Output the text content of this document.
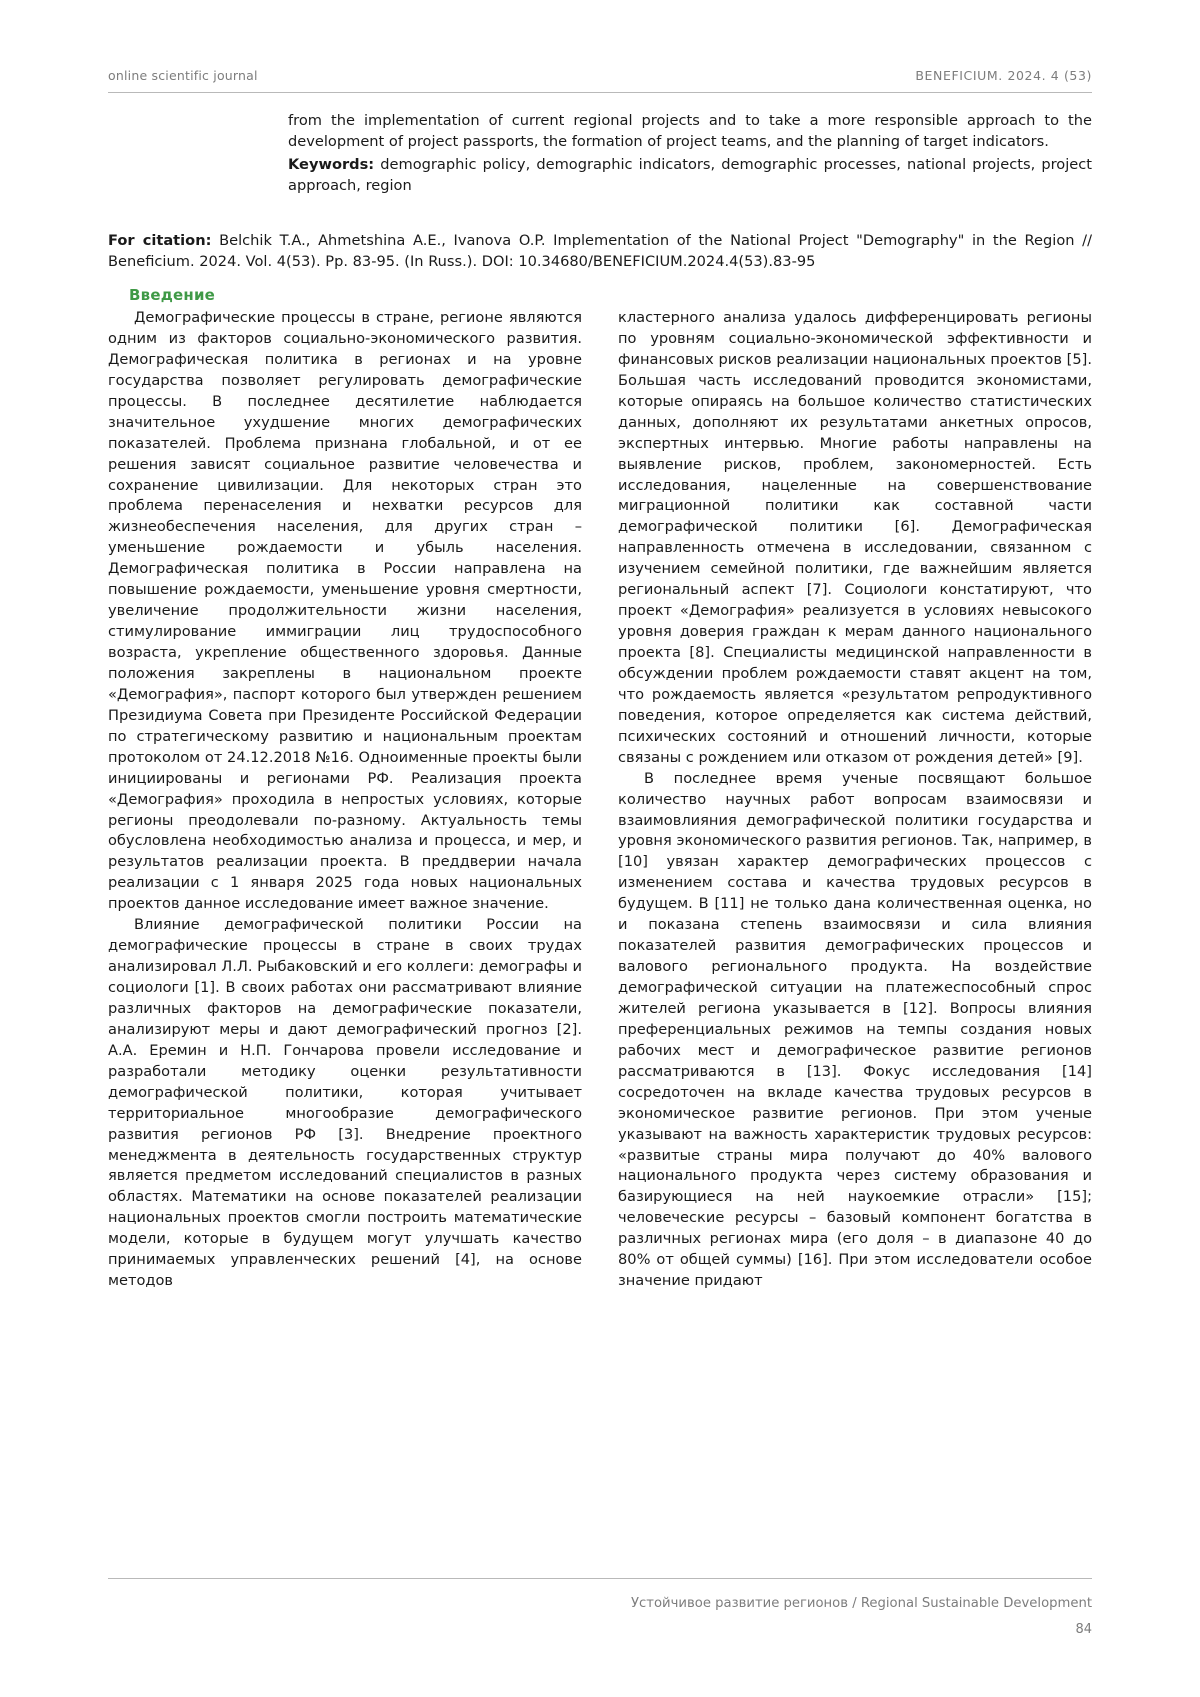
online scientific journal	BENEFICIUM. 2024. 4 (53)

from the implementation of current regional projects and to take a more responsible approach to the development of project passports, the formation of project teams, and the planning of target indicators.

Keywords: demographic policy, demographic indicators, demographic processes, national projects, project approach, region

For citation: Belchik T.A., Ahmetshina A.E., Ivanova O.P. Implementation of the National Project "Demography" in the Region // Beneficium. 2024. Vol. 4(53). Pp. 83-95. (In Russ.). DOI: 10.34680/BENEFICIUM.2024.4(53).83-95
Введение

Демографические процессы в стране, регионе являются одним из факторов социально-экономического развития. Демографическая политика в регионах и на уровне государства позволяет регулировать демографические процессы. В последнее десятилетие наблюдается значительное ухудшение многих демографических показателей. Проблема признана глобальной, и от ее решения зависят социальное развитие человечества и сохранение цивилизации. Для некоторых стран это проблема перенаселения и нехватки ресурсов для жизнеобеспечения населения, для других стран – уменьшение рождаемости и убыль населения. Демографическая политика в России направлена на повышение рождаемости, уменьшение уровня смертности, увеличение продолжительности жизни населения, стимулирование иммиграции лиц трудоспособного возраста, укрепление общественного здоровья. Данные положения закреплены в национальном проекте «Демография», паспорт которого был утвержден решением Президиума Совета при Президенте Российской Федерации по стратегическому развитию и национальным проектам протоколом от 24.12.2018 №16. Одноименные проекты были инициированы и регионами РФ. Реализация проекта «Демография» проходила в непростых условиях, которые регионы преодолевали по-разному. Актуальность темы обусловлена необходимостью анализа и процесса, и мер, и результатов реализации проекта. В преддверии начала реализации с 1 января 2025 года новых национальных проектов данное исследование имеет важное значение.

Влияние демографической политики России на демографические процессы в стране в своих трудах анализировал Л.Л. Рыбаковский и его коллеги: демографы и социологи [1]. В своих работах они рассматривают влияние различных факторов на демографические показатели, анализируют меры и дают демографический прогноз [2]. А.А. Еремин и Н.П. Гончарова провели исследование и разработали методику оценки результативности демографической политики, которая учитывает территориальное многообразие демографического развития регионов РФ [3]. Внедрение проектного менеджмента в деятельность государственных структур является предметом исследований специалистов в разных областях. Математики на основе показателей реализации национальных проектов смогли построить математические модели, которые в будущем могут улучшать качество принимаемых управленческих решений [4], на основе методов

кластерного анализа удалось дифференцировать регионы по уровням социально-экономической эффективности и финансовых рисков реализации национальных проектов [5]. Большая часть исследований проводится экономистами, которые опираясь на большое количество статистических данных, дополняют их результатами анкетных опросов, экспертных интервью. Многие работы направлены на выявление рисков, проблем, закономерностей. Есть исследования, нацеленные на совершенствование миграционной политики как составной части демографической политики [6]. Демографическая направленность отмечена в исследовании, связанном с изучением семейной политики, где важнейшим является региональный аспект [7]. Социологи констатируют, что проект «Демография» реализуется в условиях невысокого уровня доверия граждан к мерам данного национального проекта [8]. Специалисты медицинской направленности в обсуждении проблем рождаемости ставят акцент на том, что рождаемость является «результатом репродуктивного поведения, которое определяется как система действий, психических состояний и отношений личности, которые связаны с рождением или отказом от рождения детей» [9].

В последнее время ученые посвящают большое количество научных работ вопросам взаимосвязи и взаимовлияния демографической политики государства и уровня экономического развития регионов. Так, например, в [10] увязан характер демографических процессов с изменением состава и качества трудовых ресурсов в будущем. В [11] не только дана количественная оценка, но и показана степень взаимосвязи и сила влияния показателей развития демографических процессов и валового регионального продукта. На воздействие демографической ситуации на платежеспособный спрос жителей региона указывается в [12]. Вопросы влияния преференциальных режимов на темпы создания новых рабочих мест и демографическое развитие регионов рассматриваются в [13]. Фокус исследования [14] сосредоточен на вкладе качества трудовых ресурсов в экономическое развитие регионов. При этом ученые указывают на важность характеристик трудовых ресурсов: «развитые страны мира получают до 40% валового национального продукта через систему образования и базирующиеся на ней наукоемкие отрасли» [15]; человеческие ресурсы – базовый компонент богатства в различных регионах мира (его доля – в диапазоне 40 до 80% от общей суммы) [16]. При этом исследователи особое значение придают

Устойчивое развитие регионов / Regional Sustainable Development
84
